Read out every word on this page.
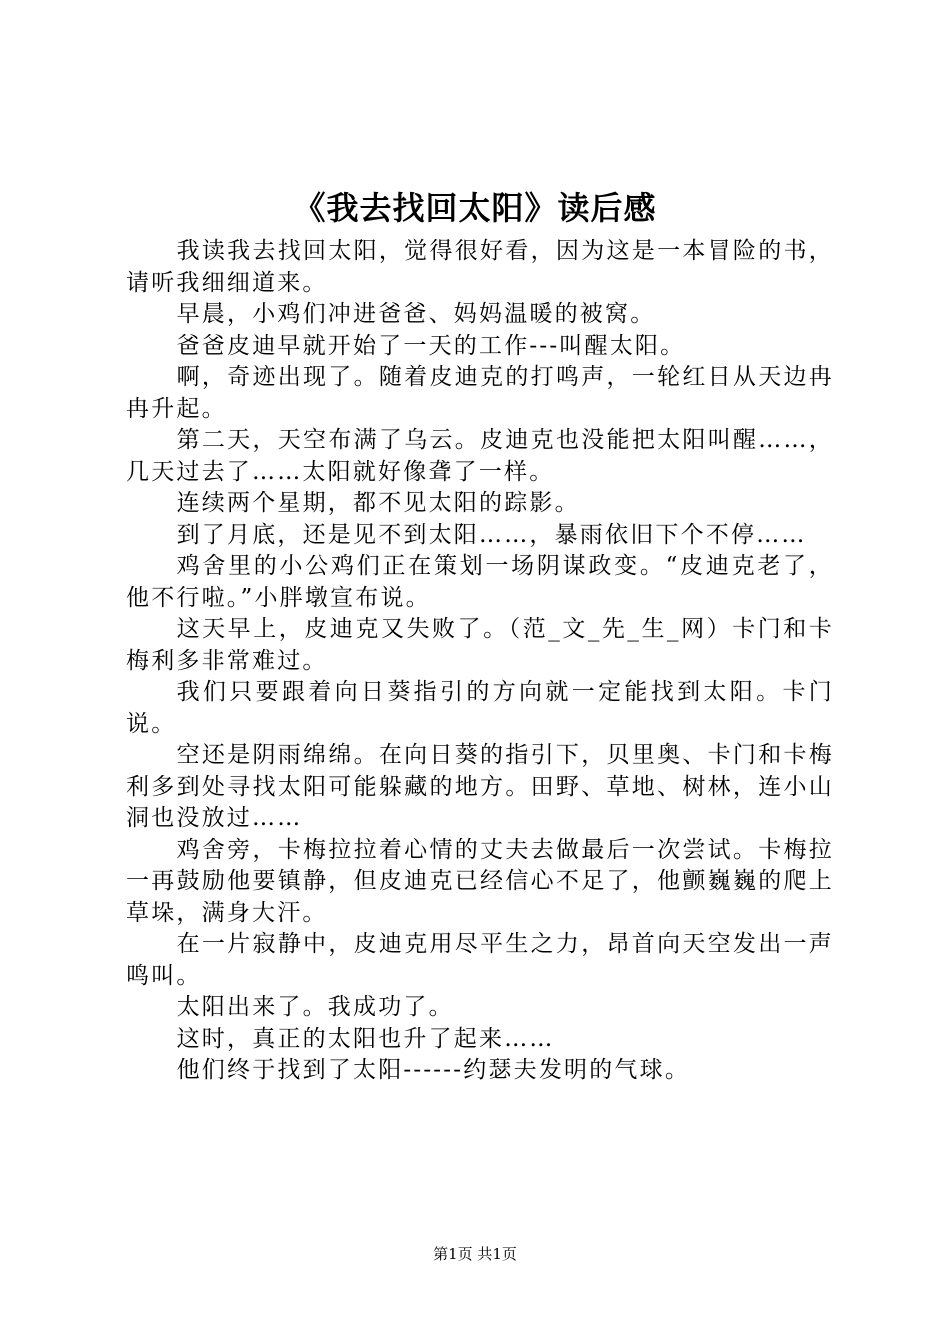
《我去找回太阳》读后感

我读我去找回太阳，觉得很好看，因为这是一本冒险的书，请听我细细道来。

早晨，小鸡们冲进爸爸、妈妈温暖的被窝。

爸爸皮迪早就开始了一天的工作---叫醒太阳。

啊，奇迹出现了。随着皮迪克的打鸣声，一轮红日从天边冉冉升起。

第二天，天空布满了乌云。皮迪克也没能把太阳叫醒……，几天过去了……太阳就好像聋了一样。

连续两个星期，都不见太阳的踪影。

到了月底，还是见不到太阳……，暴雨依旧下个不停……

鸡舍里的小公鸡们正在策划一场阴谋政变。“皮迪克老了，他不行啦。”小胖墩宣布说。

这天早上，皮迪克又失败了。（范_文_先_生_网）卡门和卡梅利多非常难过。

我们只要跟着向日葵指引的方向就一定能找到太阳。卡门说。

空还是阴雨绵绵。在向日葵的指引下，贝里奥、卡门和卡梅利多到处寻找太阳可能躲藏的地方。田野、草地、树林，连小山洞也没放过……

鸡舍旁，卡梅拉拉着心情的丈夫去做最后一次尝试。卡梅拉一再鼓励他要镇静，但皮迪克已经信心不足了，他颤巍巍的爬上草垛，满身大汗。

在一片寂静中，皮迪克用尽平生之力，昂首向天空发出一声鸣叫。

太阳出来了。我成功了。

这时，真正的太阳也升了起来……

他们终于找到了太阳------约瑟夫发明的气球。

第1页 共1页
